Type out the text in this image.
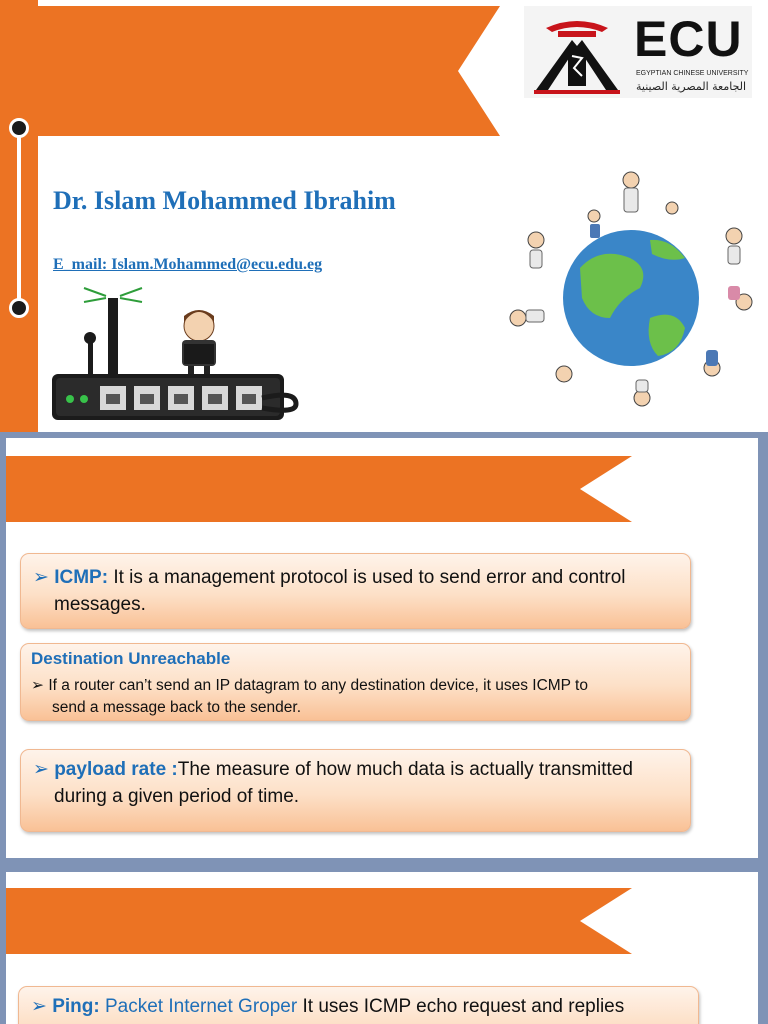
ECU
EGYPTIAN CHINESE UNIVERSITY
الجامعة المصرية الصينية
Dr. Islam Mohammed Ibrahim
E_mail: Islam.Mohammed@ecu.edu.eg
➢ ICMP: It is a management protocol is used to send error and control
messages.
Destination Unreachable
➢ If a router can’t send an IP datagram to any destination device, it uses ICMP to
send a message back to the sender.
➢ payload rate :The measure of how much data is actually transmitted
during a given period of time.
➢ Ping: Packet Internet Groper It uses ICMP echo request and replies
